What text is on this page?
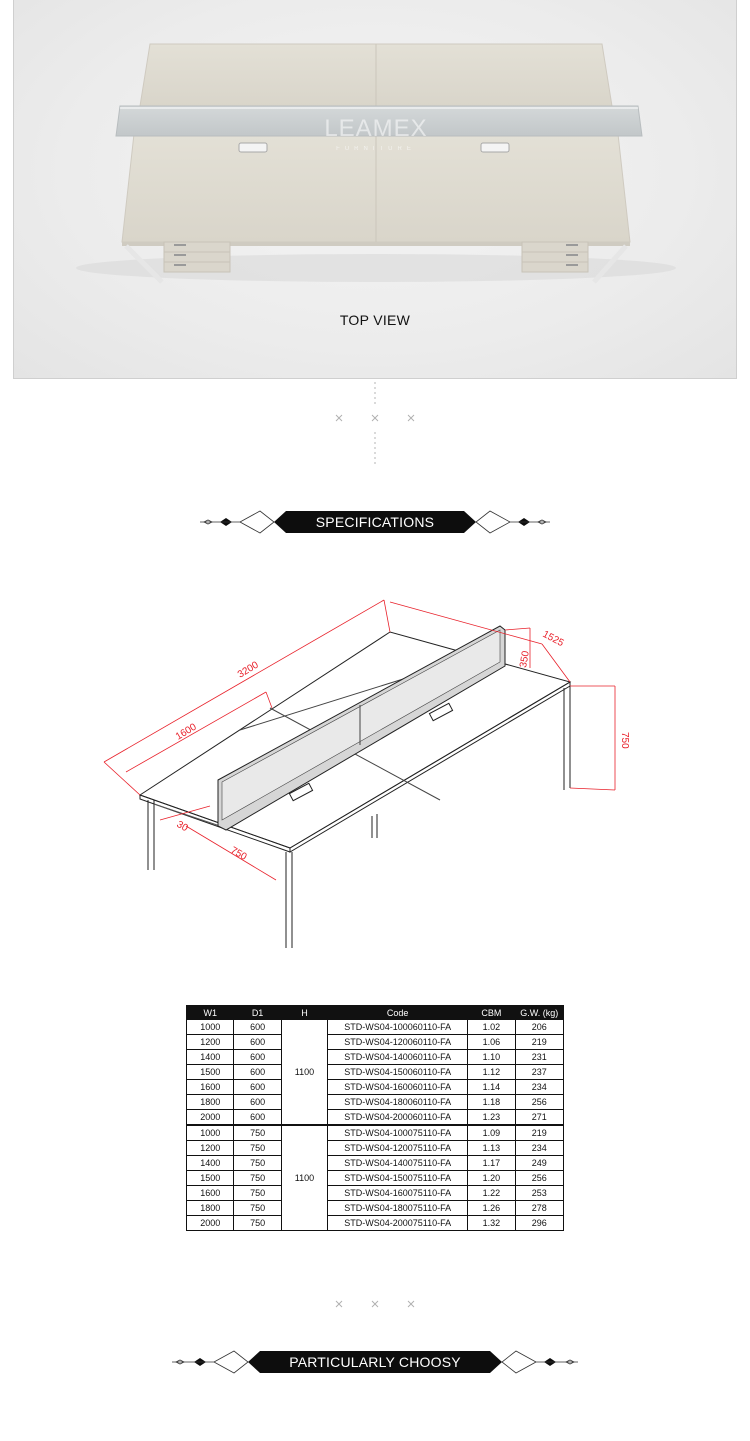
LEAMEX
FURNITURE
TOP VIEW
SPECIFICATIONS
3200
1600
1525
350
750
750
30
W1	D1	H	Code	CBM	G.W. (kg)
1000	600	1100	STD-WS04-100060110-FA	1.02	206
1200	600		STD-WS04-120060110-FA	1.06	219
1400	600		STD-WS04-140060110-FA	1.10	231
1500	600		STD-WS04-150060110-FA	1.12	237
1600	600		STD-WS04-160060110-FA	1.14	234
1800	600		STD-WS04-180060110-FA	1.18	256
2000	600		STD-WS04-200060110-FA	1.23	271
1000	750	1100	STD-WS04-100075110-FA	1.09	219
1200	750		STD-WS04-120075110-FA	1.13	234
1400	750		STD-WS04-140075110-FA	1.17	249
1500	750		STD-WS04-150075110-FA	1.20	256
1600	750		STD-WS04-160075110-FA	1.22	253
1800	750		STD-WS04-180075110-FA	1.26	278
2000	750		STD-WS04-200075110-FA	1.32	296
PARTICULARLY CHOOSY
